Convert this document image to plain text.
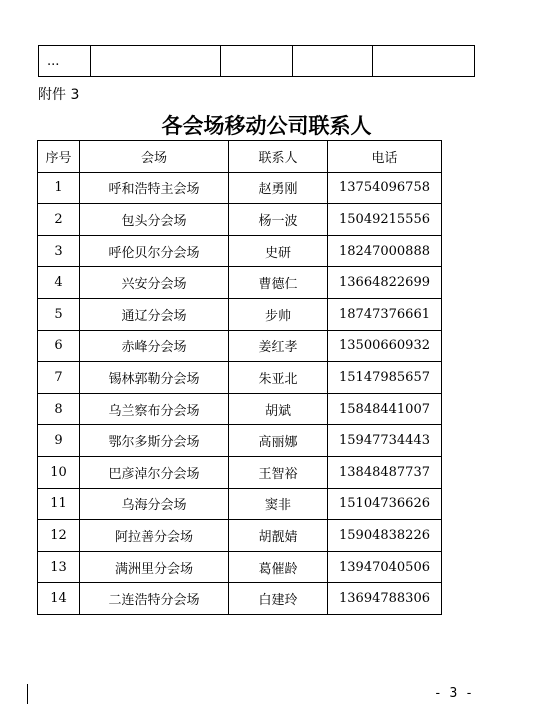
...				
附件 3
各会场移动公司联系人
序号	会场	联系人	电话
1	呼和浩特主会场	赵勇刚	13754096758
2	包头分会场	杨一波	15049215556
3	呼伦贝尔分会场	史研	18247000888
4	兴安分会场	曹德仁	13664822699
5	通辽分会场	步帅	18747376661
6	赤峰分会场	姜红孝	13500660932
7	锡林郭勒分会场	朱亚北	15147985657
8	乌兰察布分会场	胡斌	15848441007
9	鄂尔多斯分会场	高丽娜	15947734443
10	巴彦淖尔分会场	王智裕	13848487737
11	乌海分会场	窦非	15104736626
12	阿拉善分会场	胡靓婧	15904838226
13	满洲里分会场	葛催龄	13947040506
14	二连浩特分会场	白建玲	13694788306
- 3 -
